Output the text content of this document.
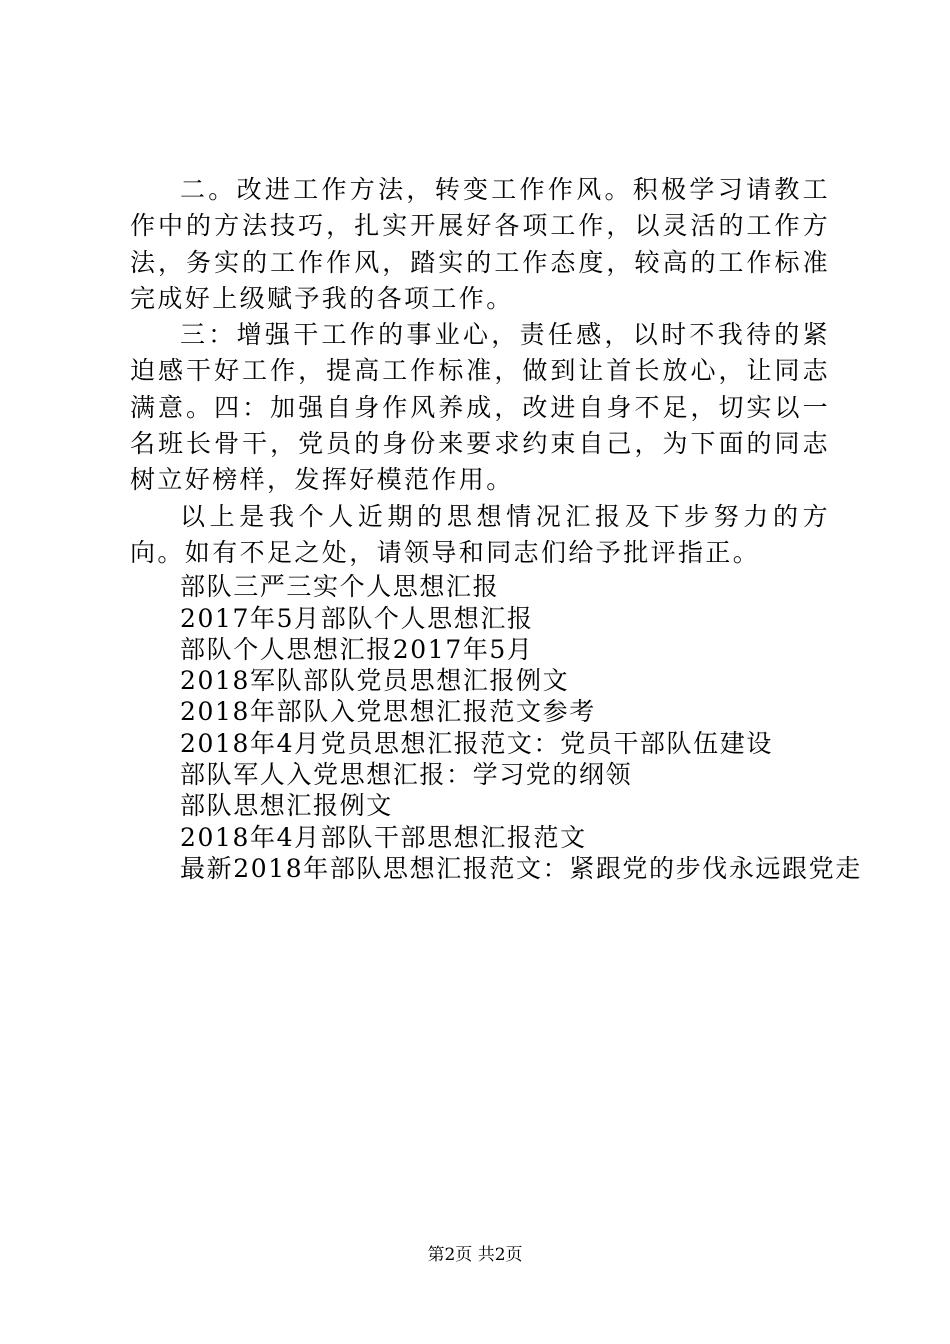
二。改进工作方法，转变工作作风。积极学习请教工作中的方法技巧，扎实开展好各项工作，以灵活的工作方法，务实的工作作风，踏实的工作态度，较高的工作标准完成好上级赋予我的各项工作。

三：增强干工作的事业心，责任感，以时不我待的紧迫感干好工作，提高工作标准，做到让首长放心，让同志满意。四：加强自身作风养成，改进自身不足，切实以一名班长骨干，党员的身份来要求约束自己，为下面的同志树立好榜样，发挥好模范作用。

以上是我个人近期的思想情况汇报及下步努力的方向。如有不足之处，请领导和同志们给予批评指正。

部队三严三实个人思想汇报
2017年5月部队个人思想汇报
部队个人思想汇报2017年5月
2018军队部队党员思想汇报例文
2018年部队入党思想汇报范文参考
2018年4月党员思想汇报范文：党员干部队伍建设
部队军人入党思想汇报：学习党的纲领
部队思想汇报例文
2018年4月部队干部思想汇报范文
最新2018年部队思想汇报范文：紧跟党的步伐永远跟党走
第2页 共2页
